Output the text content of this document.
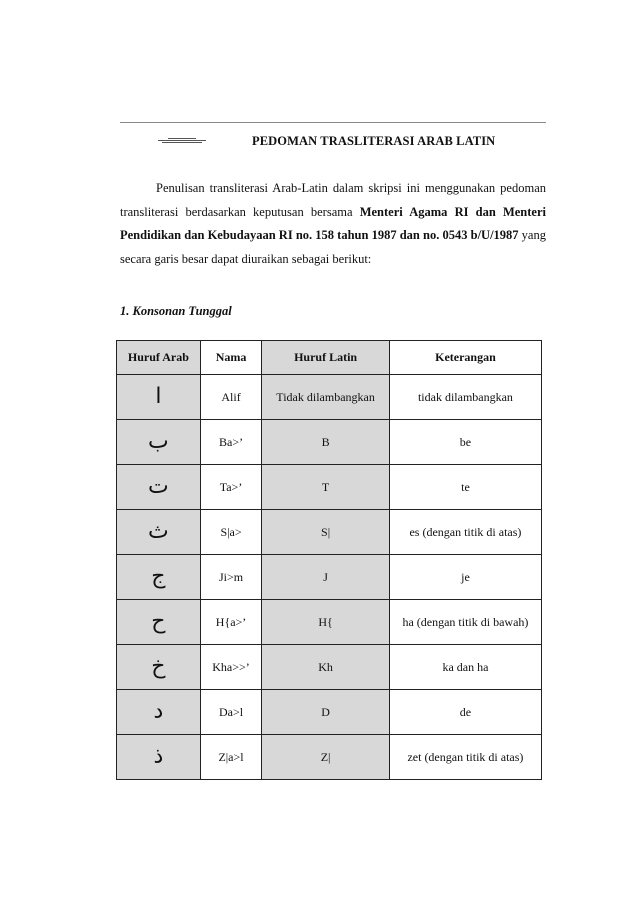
PEDOMAN TRASLITERASI ARAB LATIN
Penulisan transliterasi Arab-Latin dalam skripsi ini menggunakan pedoman transliterasi berdasarkan keputusan bersama Menteri Agama RI dan Menteri Pendidikan dan Kebudayaan RI no. 158 tahun 1987 dan no. 0543 b/U/1987 yang secara garis besar dapat diuraikan sebagai berikut:
1. Konsonan Tunggal
Huruf Arab	Nama	Huruf Latin	Keterangan
ا	Alif	Tidak dilambangkan	tidak dilambangkan
ب	Ba>’	B	be
ت	Ta>’	T	te
ث	S|a>	S|	es (dengan titik di atas)
ج	Ji>m	J	je
ح	H{a>’	H{	ha (dengan titik di bawah)
خ	Kha>>’	Kh	ka dan ha
د	Da>l	D	de
ذ	Z|a>l	Z|	zet (dengan titik di atas)
